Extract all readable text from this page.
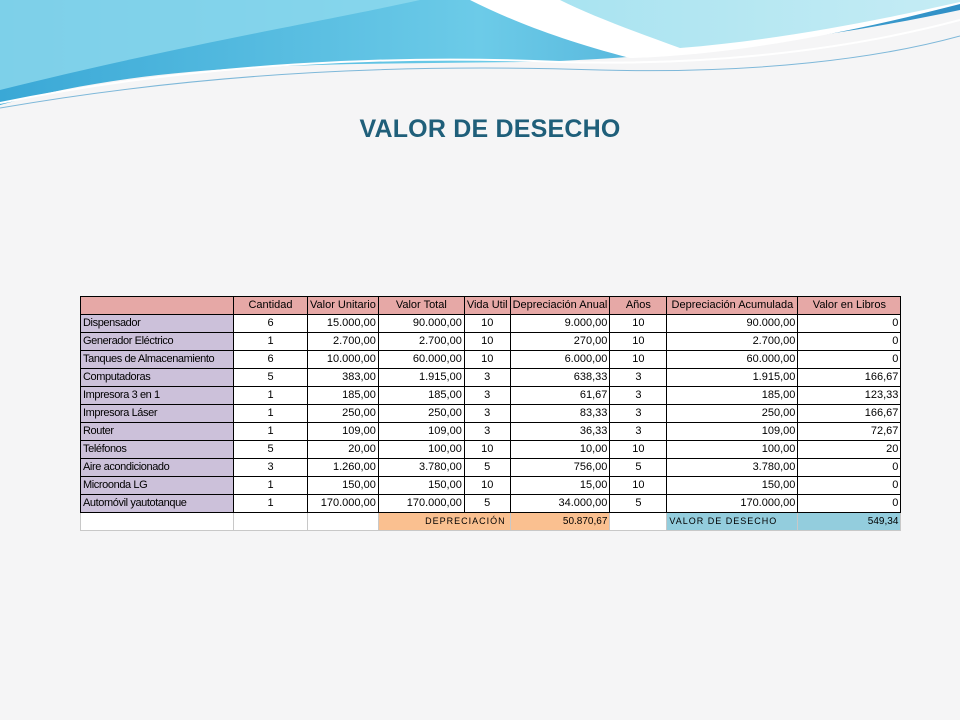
VALOR DE DESECHO
	Cantidad	Valor Unitario	Valor Total	Vida Util	Depreciación Anual	Años	Depreciación Acumulada	Valor en Libros
Dispensador	6	15.000,00	90.000,00	10	9.000,00	10	90.000,00	0
Generador Eléctrico	1	2.700,00	2.700,00	10	270,00	10	2.700,00	0
Tanques de Almacenamiento	6	10.000,00	60.000,00	10	6.000,00	10	60.000,00	0
Computadoras	5	383,00	1.915,00	3	638,33	3	1.915,00	166,67
Impresora 3 en 1	1	185,00	185,00	3	61,67	3	185,00	123,33
Impresora Láser	1	250,00	250,00	3	83,33	3	250,00	166,67
Router	1	109,00	109,00	3	36,33	3	109,00	72,67
Teléfonos	5	20,00	100,00	10	10,00	10	100,00	20
Aire acondicionado	3	1.260,00	3.780,00	5	756,00	5	3.780,00	0
Microonda LG	1	150,00	150,00	10	15,00	10	150,00	0
Automóvil yautotanque	1	170.000,00	170.000,00	5	34.000,00	5	170.000,00	0
			DEPRECIACIÓN		50.870,67		VALOR DE DESECHO	549,34
